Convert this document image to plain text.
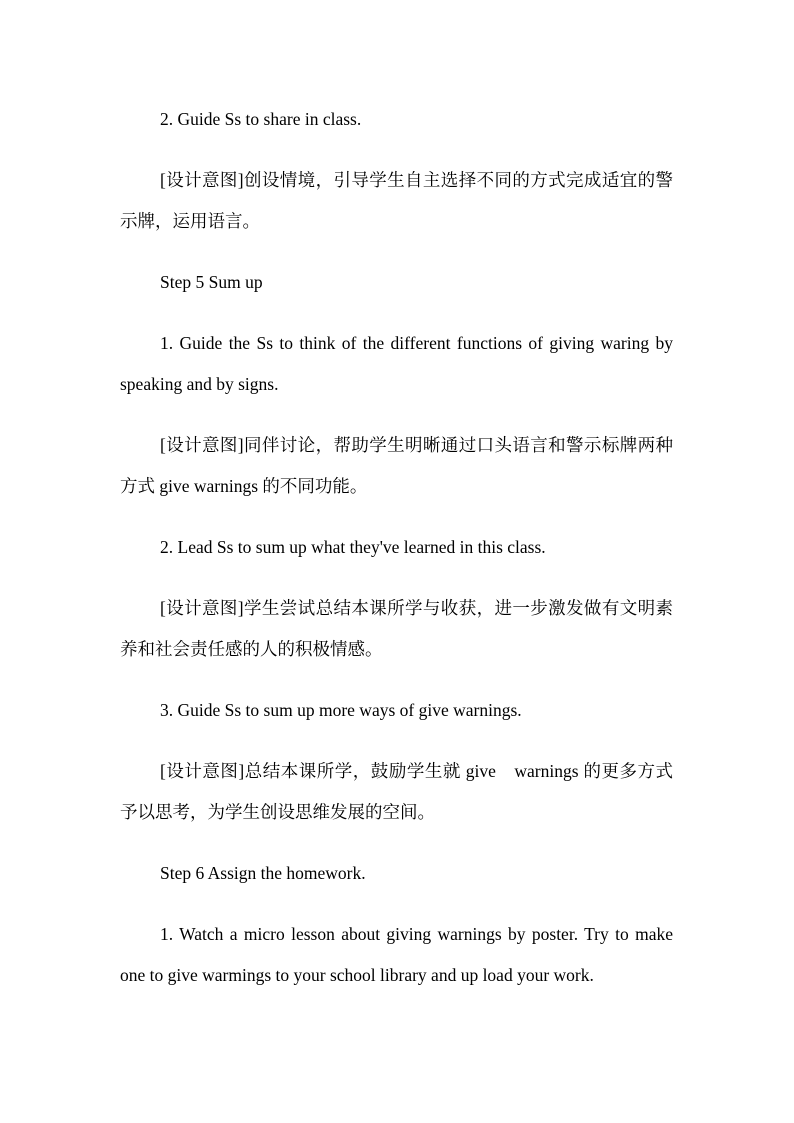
2. Guide Ss to share in class.

[设计意图]创设情境，引导学生自主选择不同的方式完成适宜的警示牌，运用语言。

Step 5 Sum up

1. Guide the Ss to think of the different functions of giving waring by speaking and by signs.

[设计意图]同伴讨论，帮助学生明晰通过口头语言和警示标牌两种方式 give warnings 的不同功能。

2. Lead Ss to sum up what they've learned in this class.

[设计意图]学生尝试总结本课所学与收获，进一步激发做有文明素养和社会责任感的人的积极情感。

3. Guide Ss to sum up more ways of give warnings.

[设计意图]总结本课所学，鼓励学生就 give　warnings 的更多方式予以思考，为学生创设思维发展的空间。

Step 6 Assign the homework.

1. Watch a micro lesson about giving warnings by poster. Try to make one to give warmings to your school library and up load your work.
